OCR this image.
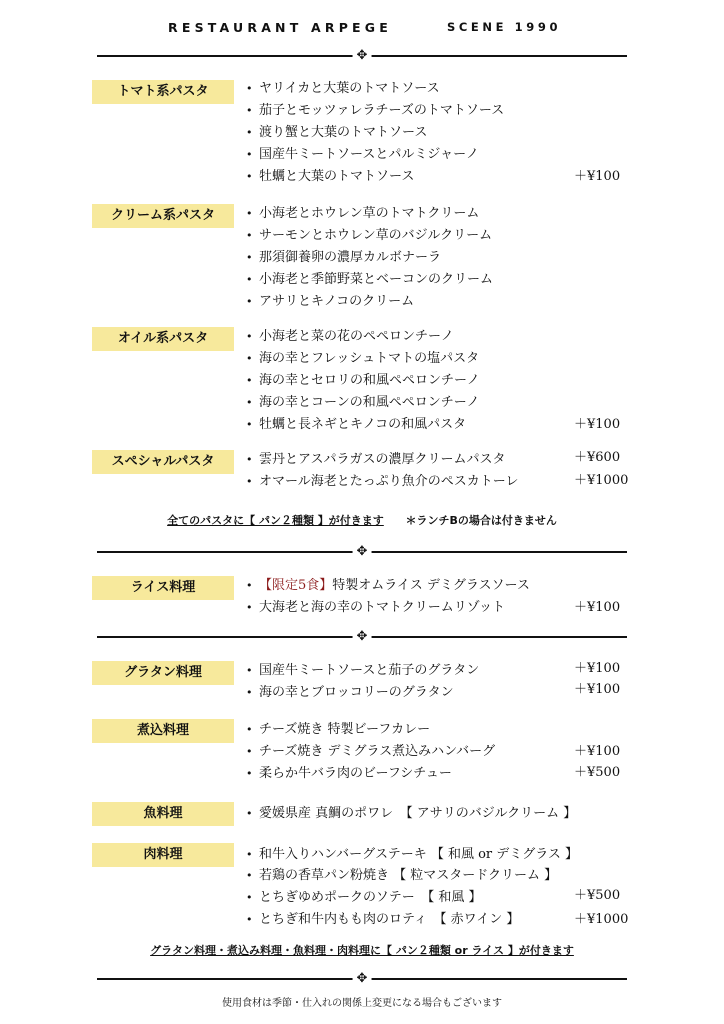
RESTAURANT ARPEGE	SCENE 1990
✥
✥
✥
✥
トマト系パスタ	• ヤリイカと大葉のトマトソース
• 茄子とモッツァレラチーズのトマトソース
• 渡り蟹と大葉のトマトソース
• 国産牛ミートソースとパルミジャーノ
• 牡蠣と大葉のトマトソース	＋¥100
クリーム系パスタ	• 小海老とホウレン草のトマトクリーム
• サーモンとホウレン草のバジルクリーム
• 那須御養卵の濃厚カルボナーラ
• 小海老と季節野菜とベーコンのクリーム
• アサリとキノコのクリーム
オイル系パスタ	• 小海老と菜の花のペペロンチーノ
• 海の幸とフレッシュトマトの塩パスタ
• 海の幸とセロリの和風ペペロンチーノ
• 海の幸とコーンの和風ペペロンチーノ
• 牡蠣と長ネギとキノコの和風パスタ	＋¥100
スペシャルパスタ	• 雲丹とアスパラガスの濃厚クリームパスタ	＋¥600
• オマール海老とたっぷり魚介のペスカトーレ	＋¥1000
ライス料理	• 【限定5食】特製オムライス デミグラスソース
• 大海老と海の幸のトマトクリームリゾット	＋¥100
グラタン料理	• 国産牛ミートソースと茄子のグラタン	＋¥100
• 海の幸とブロッコリーのグラタン	＋¥100
煮込料理	• チーズ焼き 特製ビーフカレー
• チーズ焼き デミグラス煮込みハンバーグ	＋¥100
• 柔らか牛バラ肉のビーフシチュー	＋¥500
魚料理	• 愛媛県産 真鯛のポワレ　【 アサリのバジルクリーム 】
肉料理	• 和牛入りハンバーグステーキ 【 和風 or デミグラス 】
• 若鶏の香草パン粉焼き 【 粒マスタードクリーム 】
• とちぎゆめポークのソテー　【 和風 】	＋¥500
• とちぎ和牛内もも肉のロティ　【 赤ワイン 】	＋¥1000
全てのパスタに【 パン２種類 】が付きます ＊ランチBの場合は付きません
グラタン料理・煮込み料理・魚料理・肉料理に【 パン２種類 or ライス 】が付きます
使用食材は季節・仕入れの関係上変更になる場合もございます
